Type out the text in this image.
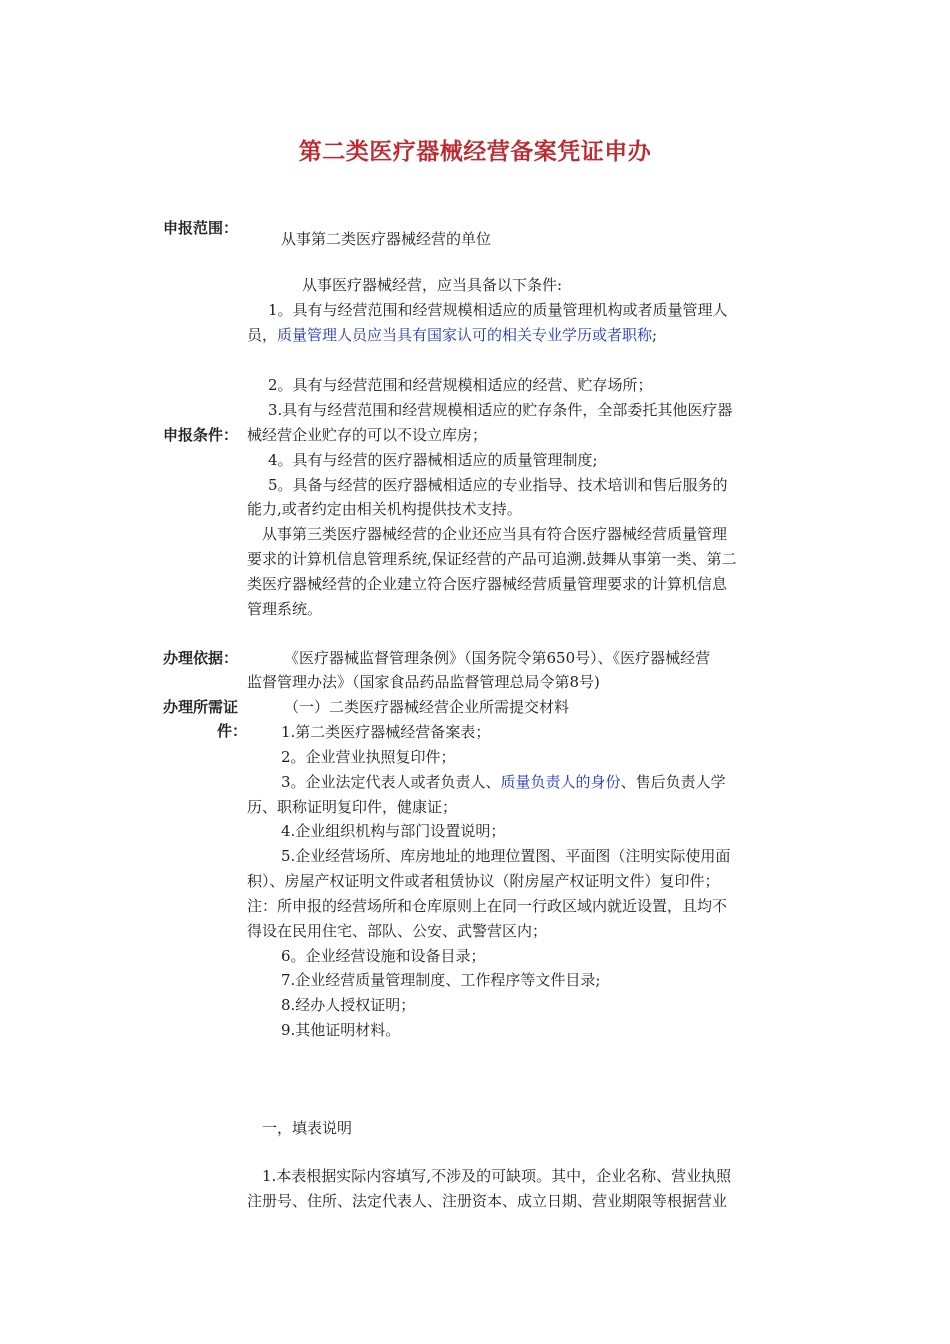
第二类医疗器械经营备案凭证申办
申报范围：
从事第二类医疗器械经营的单位
从事医疗器械经营，应当具备以下条件:
1。具有与经营范围和经营规模相适应的质量管理机构或者质量管理人
员，质量管理人员应当具有国家认可的相关专业学历或者职称;
2。具有与经营范围和经营规模相适应的经营、贮存场所；
3.具有与经营范围和经营规模相适应的贮存条件，全部委托其他医疗器
申报条件： 械经营企业贮存的可以不设立库房；
4。具有与经营的医疗器械相适应的质量管理制度;
5。具备与经营的医疗器械相适应的专业指导、技术培训和售后服务的
能力,或者约定由相关机构提供技术支持。
从事第三类医疗器械经营的企业还应当具有符合医疗器械经营质量管理
要求的计算机信息管理系统,保证经营的产品可追溯.鼓舞从事第一类、第二
类医疗器械经营的企业建立符合医疗器械经营质量管理要求的计算机信息
管理系统。
办理依据：	《医疗器械监督管理条例》（国务院令第650号）、《医疗器械经营
监督管理办法》（国家食品药品监督管理总局令第8号)
办理所需证
件：
（一）二类医疗器械经营企业所需提交材料
1.第二类医疗器械经营备案表；
2。企业营业执照复印件；
3。企业法定代表人或者负责人、质量负责人的身份、售后负责人学
历、职称证明复印件，健康证；
4.企业组织机构与部门设置说明；
5.企业经营场所、库房地址的地理位置图、平面图（注明实际使用面
积）、房屋产权证明文件或者租赁协议（附房屋产权证明文件）复印件；
注：所申报的经营场所和仓库原则上在同一行政区域内就近设置，且均不
得设在民用住宅、部队、公安、武警营区内；
6。企业经营设施和设备目录；
7.企业经营质量管理制度、工作程序等文件目录;
8.经办人授权证明；
9.其他证明材料。
一，填表说明
1.本表根据实际内容填写,不涉及的可缺项。其中，企业名称、营业执照
注册号、住所、法定代表人、注册资本、成立日期、营业期限等根据营业
